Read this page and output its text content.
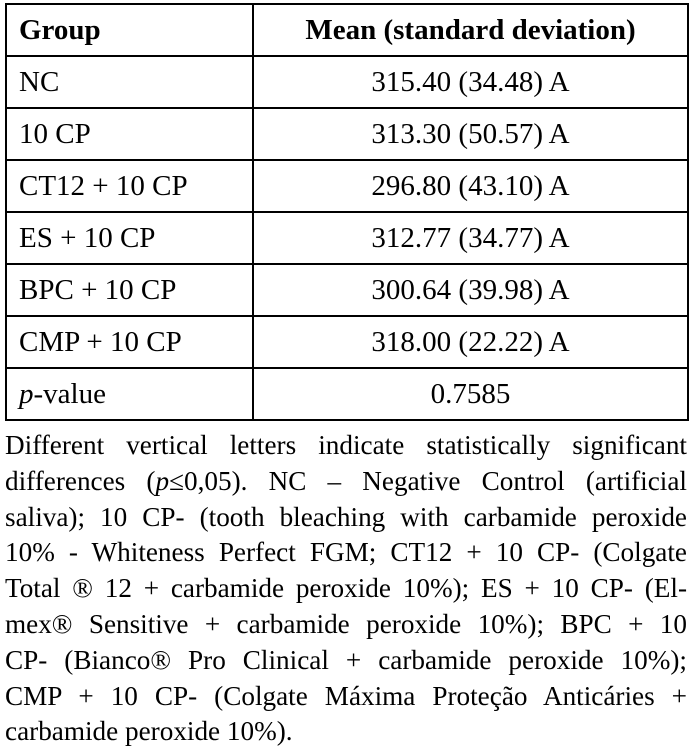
Group	Mean (standard deviation)
NC	315.40 (34.48) A
10 CP	313.30 (50.57) A
CT12 + 10 CP	296.80 (43.10) A
ES + 10 CP	312.77 (34.77) A
BPC + 10 CP	300.64 (39.98) A
CMP + 10 CP	318.00 (22.22) A
p-value	0.7585
Different vertical letters indicate statistically significant
differences (p≤0,05). NC – Negative Control (artificial
saliva); 10 CP- (tooth bleaching with carbamide peroxide
10% - Whiteness Perfect FGM; CT12 + 10 CP- (Colgate
Total ® 12 + carbamide peroxide 10%); ES + 10 CP- (El-
mex® Sensitive + carbamide peroxide 10%); BPC + 10
CP- (Bianco® Pro Clinical + carbamide peroxide 10%);
CMP + 10 CP- (Colgate Máxima Proteção Anticáries +
carbamide peroxide 10%).
